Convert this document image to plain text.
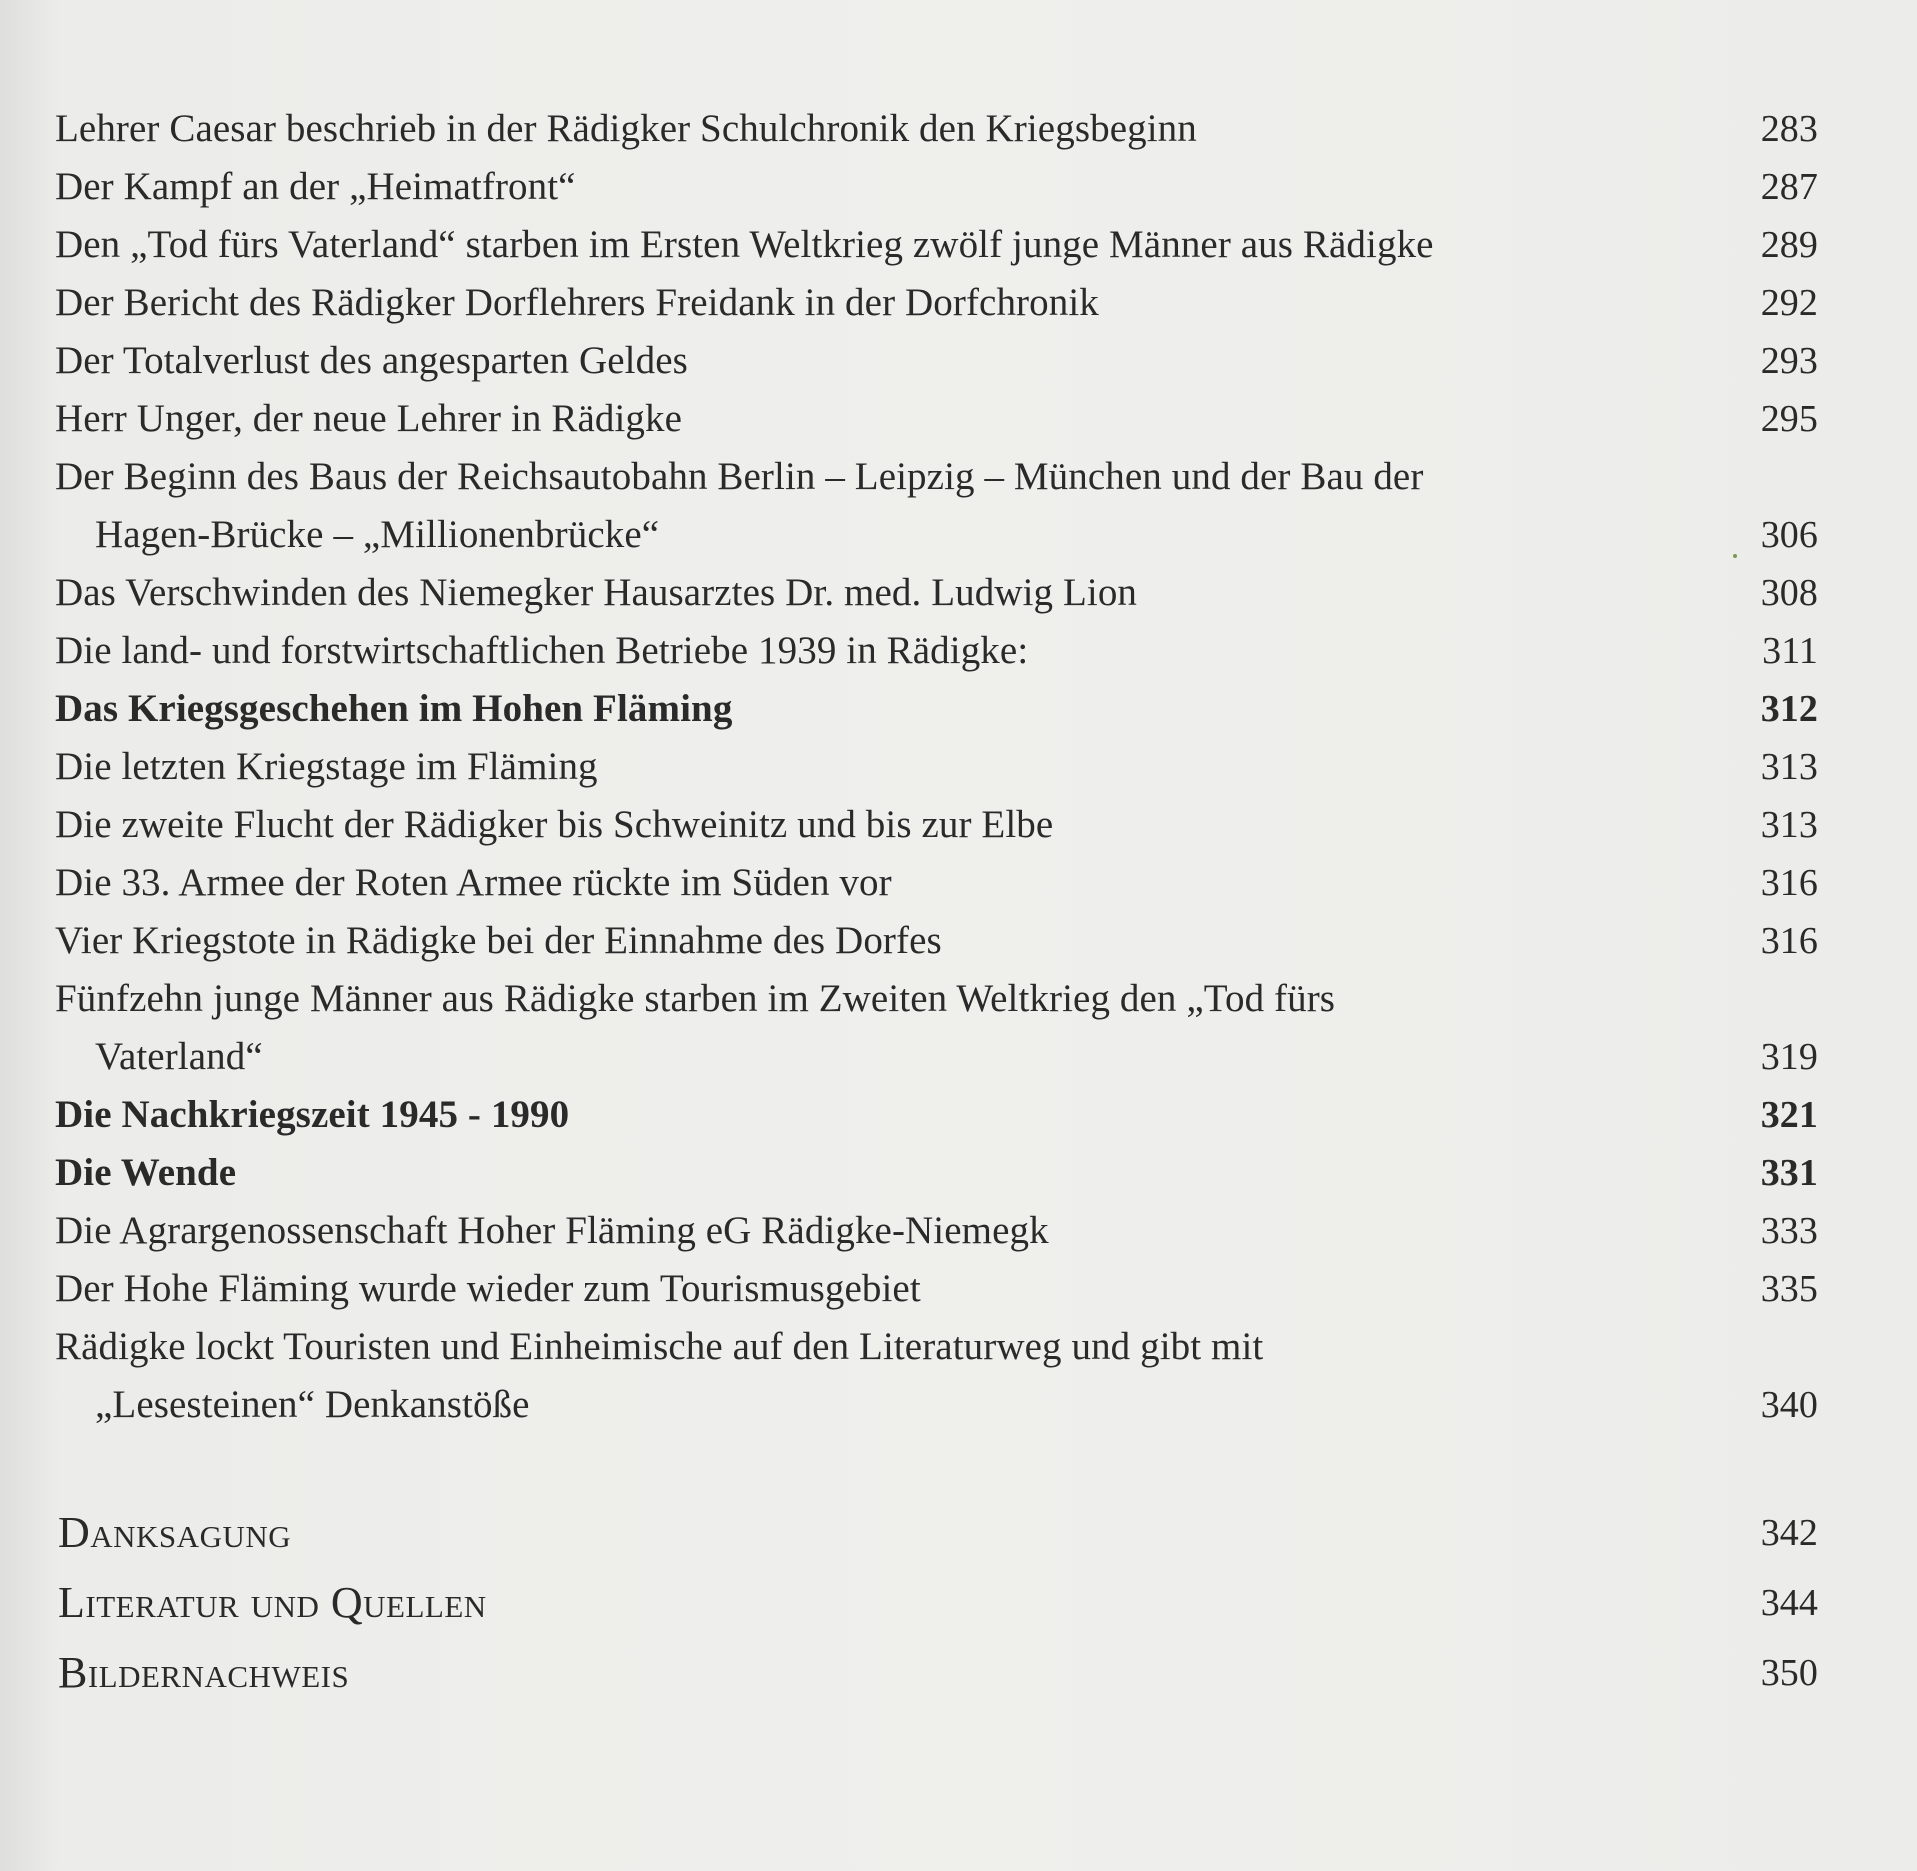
Lehrer Caesar beschrieb in der Rädigker Schulchronik den Kriegsbeginn	283
Der Kampf an der „Heimatfront“	287
Den „Tod fürs Vaterland“ starben im Ersten Weltkrieg zwölf junge Männer aus Rädigke	289
Der Bericht des Rädigker Dorflehrers Freidank in der Dorfchronik	292
Der Totalverlust des angesparten Geldes	293
Herr Unger, der neue Lehrer in Rädigke	295
Der Beginn des Baus der Reichsautobahn Berlin – Leipzig – München und der Bau der
Hagen-Brücke – „Millionenbrücke“	306
Das Verschwinden des Niemegker Hausarztes Dr. med. Ludwig Lion	308
Die land- und forstwirtschaftlichen Betriebe 1939 in Rädigke:	311
Das Kriegsgeschehen im Hohen Fläming	312
Die letzten Kriegstage im Fläming	313
Die zweite Flucht der Rädigker bis Schweinitz und bis zur Elbe	313
Die 33. Armee der Roten Armee rückte im Süden vor	316
Vier Kriegstote in Rädigke bei der Einnahme des Dorfes	316
Fünfzehn junge Männer aus Rädigke starben im Zweiten Weltkrieg den „Tod fürs
Vaterland“	319
Die Nachkriegszeit 1945 - 1990	321
Die Wende	331
Die Agrargenossenschaft Hoher Fläming eG Rädigke-Niemegk	333
Der Hohe Fläming wurde wieder zum Tourismusgebiet	335
Rädigke lockt Touristen und Einheimische auf den Literaturweg und gibt mit
„Lesesteinen“ Denkanstöße	340
Danksagung	342
Literatur und Quellen	344
Bildernachweis	350
